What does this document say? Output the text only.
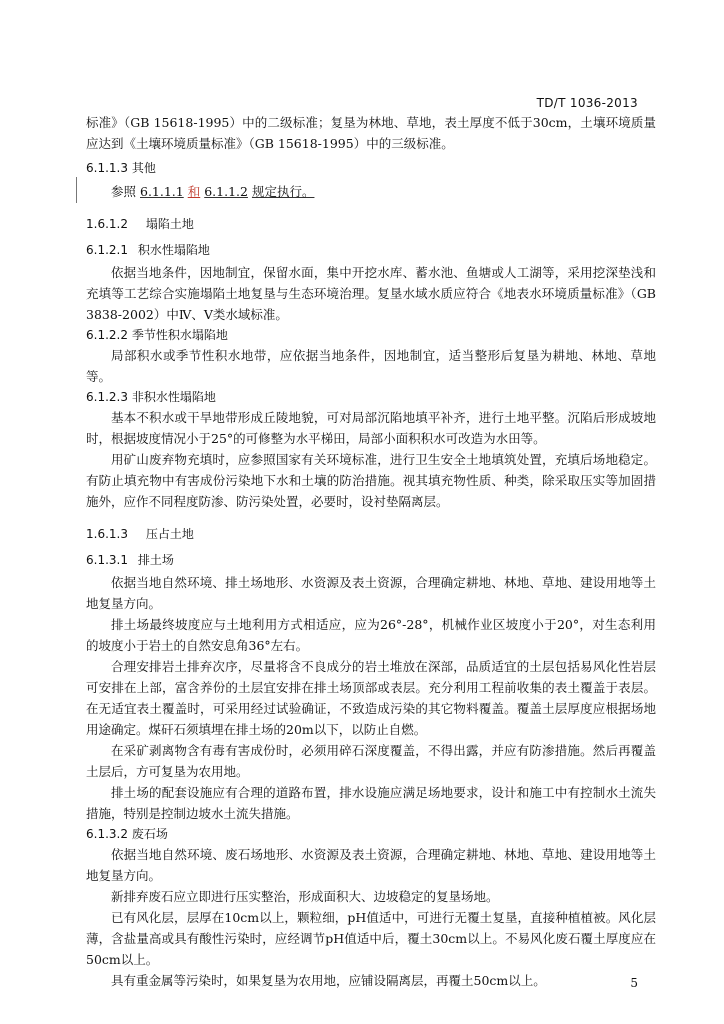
TD/T 1036-2013

标准》（GB 15618-1995）中的二级标准；复垦为林地、草地，表土厚度不低于30cm，土壤环境质量应达到《土壤环境质量标准》（GB 15618-1995）中的三级标准。

6.1.1.3 其他

参照 6.1.1.1 和 6.1.1.2 规定执行。

1.6.1.2 塌陷土地
6.1.2.1 积水性塌陷地

依据当地条件，因地制宜，保留水面，集中开挖水库、蓄水池、鱼塘或人工湖等，采用挖深垫浅和充填等工艺综合实施塌陷土地复垦与生态环境治理。复垦水域水质应符合《地表水环境质量标准》（GB 3838-2002）中Ⅳ、Ⅴ类水域标准。

6.1.2.2 季节性积水塌陷地

局部积水或季节性积水地带，应依据当地条件，因地制宜，适当整形后复垦为耕地、林地、草地等。

6.1.2.3 非积水性塌陷地

基本不积水或干旱地带形成丘陵地貌，可对局部沉陷地填平补齐，进行土地平整。沉陷后形成坡地时，根据坡度情况小于25°的可修整为水平梯田，局部小面积积水可改造为水田等。

用矿山废弃物充填时，应参照国家有关环境标准，进行卫生安全土地填筑处置，充填后场地稳定。有防止填充物中有害成份污染地下水和土壤的防治措施。视其填充物性质、种类，除采取压实等加固措施外，应作不同程度防渗、防污染处置，必要时，设衬垫隔离层。

1.6.1.3 压占土地
6.1.3.1 排土场

依据当地自然环境、排土场地形、水资源及表土资源，合理确定耕地、林地、草地、建设用地等土地复垦方向。

排土场最终坡度应与土地利用方式相适应，应为26°-28°，机械作业区坡度小于20°，对生态利用的坡度小于岩土的自然安息角36°左右。

合理安排岩土排弃次序，尽量将含不良成分的岩土堆放在深部，品质适宜的土层包括易风化性岩层可安排在上部，富含养份的土层宜安排在排土场顶部或表层。充分利用工程前收集的表土覆盖于表层。在无适宜表土覆盖时，可采用经过试验确证，不致造成污染的其它物料覆盖。覆盖土层厚度应根据场地用途确定。煤矸石须填埋在排土场的20m以下，以防止自燃。

在采矿剥离物含有毒有害成份时，必须用碎石深度覆盖，不得出露，并应有防渗措施。然后再覆盖土层后，方可复垦为农用地。

排土场的配套设施应有合理的道路布置，排水设施应满足场地要求，设计和施工中有控制水土流失措施，特别是控制边坡水土流失措施。

6.1.3.2 废石场

依据当地自然环境、废石场地形、水资源及表土资源，合理确定耕地、林地、草地、建设用地等土地复垦方向。

新排弃废石应立即进行压实整治，形成面积大、边坡稳定的复垦场地。

已有风化层，层厚在10cm以上，颗粒细，pH值适中，可进行无覆土复垦，直接种植植被。风化层薄，含盐量高或具有酸性污染时，应经调节pH值适中后，覆土30cm以上。不易风化废石覆土厚度应在50cm以上。

具有重金属等污染时，如果复垦为农用地，应铺设隔离层，再覆土50cm以上。	5
